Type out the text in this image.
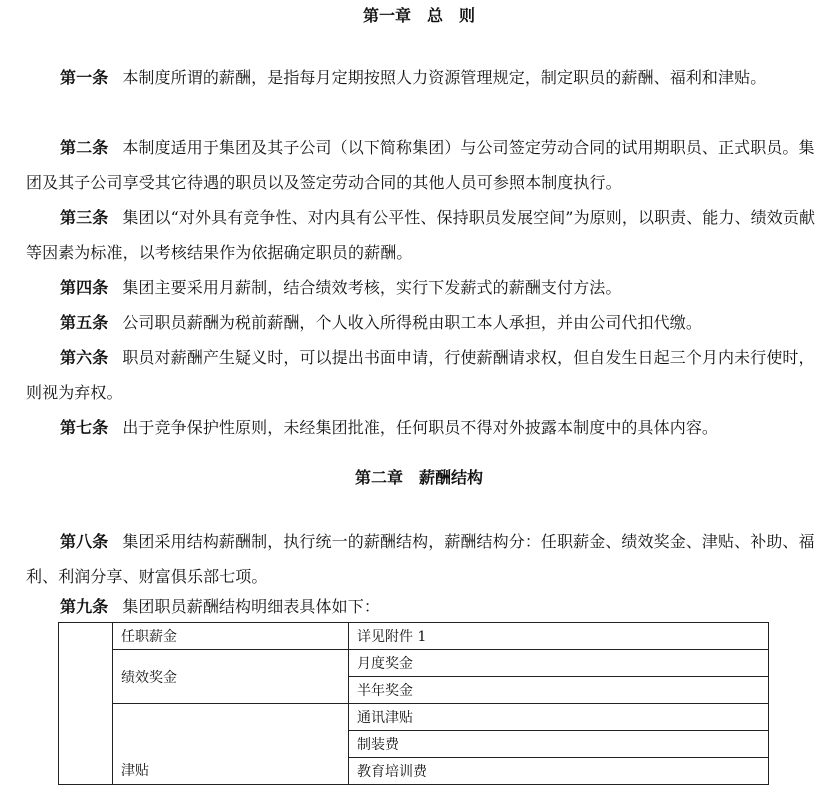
第一章　总　则

第一条 本制度所谓的薪酬，是指每月定期按照人力资源管理规定，制定职员的薪酬、福利和津贴。

第二条 本制度适用于集团及其子公司（以下简称集团）与公司签定劳动合同的试用期职员、正式职员。集团及其子公司享受其它待遇的职员以及签定劳动合同的其他人员可参照本制度执行。

第三条 集团以“对外具有竞争性、对内具有公平性、保持职员发展空间”为原则，以职责、能力、绩效贡献等因素为标准，以考核结果作为依据确定职员的薪酬。

第四条 集团主要采用月薪制，结合绩效考核，实行下发薪式的薪酬支付方法。

第五条 公司职员薪酬为税前薪酬，个人收入所得税由职工本人承担，并由公司代扣代缴。

第六条 职员对薪酬产生疑义时，可以提出书面申请，行使薪酬请求权，但自发生日起三个月内未行使时，则视为弃权。

第七条 出于竞争保护性原则，未经集团批准，任何职员不得对外披露本制度中的具体内容。

第二章　薪酬结构

第八条 集团采用结构薪酬制，执行统一的薪酬结构，薪酬结构分：任职薪金、绩效奖金、津贴、补助、福利、利润分享、财富俱乐部七项。

第九条 集团职员薪酬结构明细表具体如下：

	任职薪金	详见附件 1
	绩效奖金	月度奖金
		半年奖金
	津贴	通讯津贴
		制装费
		教育培训费
